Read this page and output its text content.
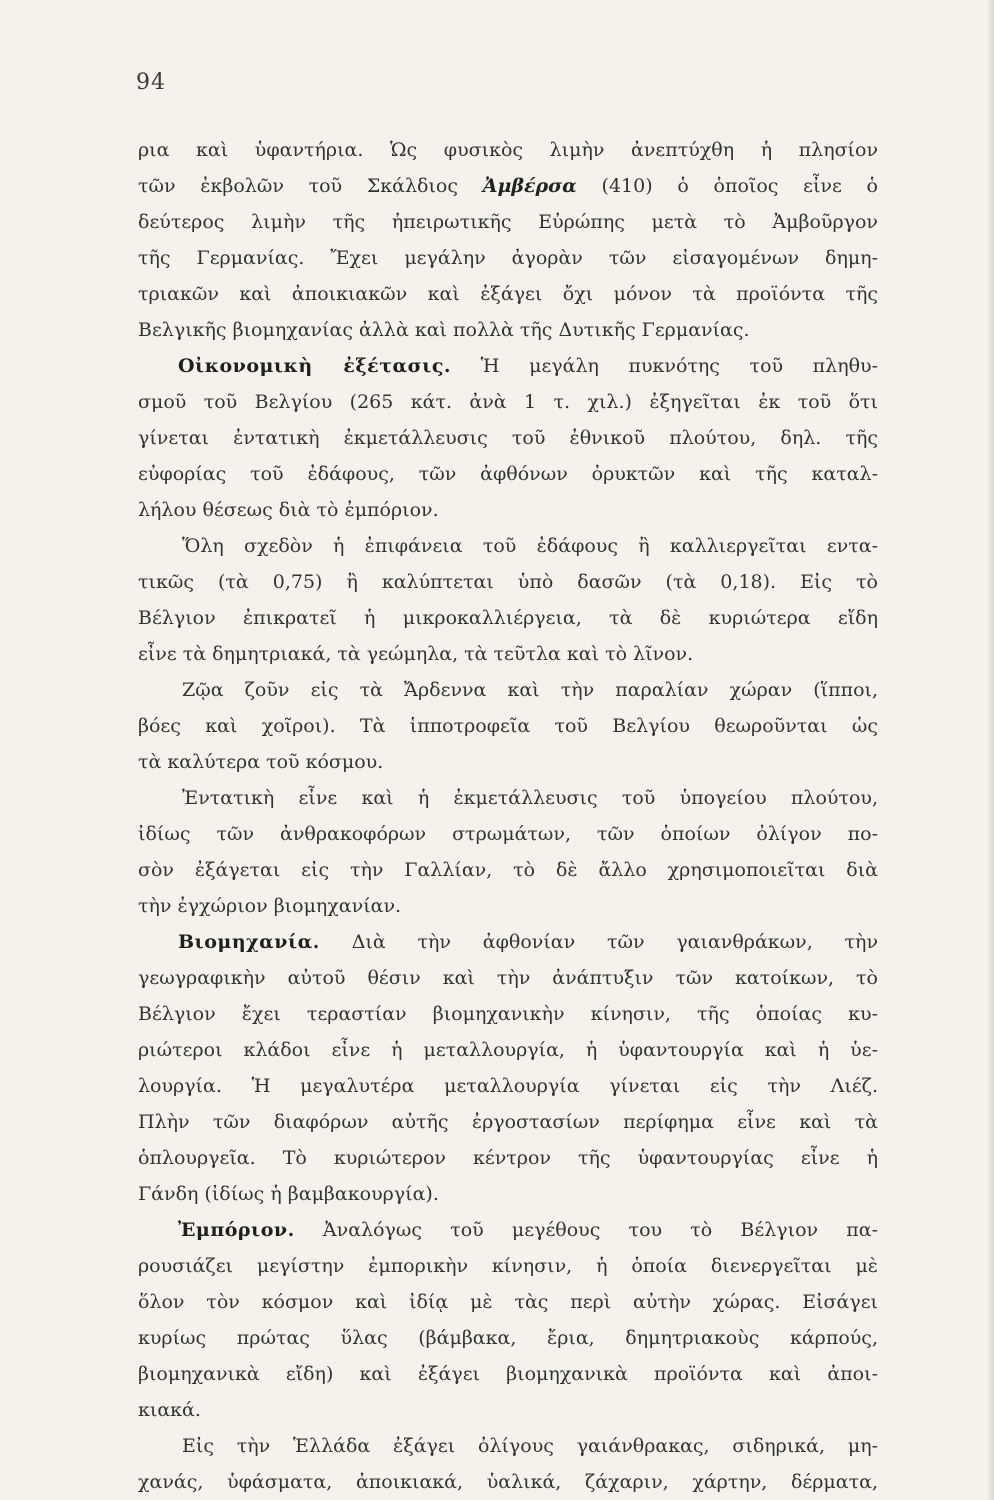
94
ρια καὶ ὑφαντήρια. Ὡς φυσικὸς λιμὴν ἀνεπτύχθη ἡ πλησίον
τῶν ἐκβολῶν τοῦ Σκάλδιος Ἀμβέρσα (410) ὁ ὁποῖος εἶνε ὁ
δεύτερος λιμὴν τῆς ἠπειρωτικῆς Εὐρώπης μετὰ τὸ Ἀμβοῦργον
τῆς Γερμανίας. Ἔχει μεγάλην ἀγορὰν τῶν εἰσαγομένων δημη-
τριακῶν καὶ ἀποικιακῶν καὶ ἐξάγει ὄχι μόνον τὰ προϊόντα τῆς
Βελγικῆς βιομηχανίας ἀλλὰ καὶ πολλὰ τῆς Δυτικῆς Γερμανίας.
Οἰκονομικὴ ἐξέτασις. Ἡ μεγάλη πυκνότης τοῦ πληθυ-
σμοῦ τοῦ Βελγίου (265 κάτ. ἀνὰ 1 τ. χιλ.) ἐξηγεῖται ἐκ τοῦ ὅτι
γίνεται ἐντατικὴ ἐκμετάλλευσις τοῦ ἐθνικοῦ πλούτου, δηλ. τῆς
εὐφορίας τοῦ ἐδάφους, τῶν ἀφθόνων ὀρυκτῶν καὶ τῆς καταλ-
λήλου θέσεως διὰ τὸ ἐμπόριον.
Ὅλη σχεδὸν ἡ ἐπιφάνεια τοῦ ἐδάφους ἢ καλλιεργεῖται εντα-
τικῶς (τὰ 0,75) ἢ καλύπτεται ὑπὸ δασῶν (τὰ 0,18). Εἰς τὸ
Βέλγιον ἐπικρατεῖ ἡ μικροκαλλιέργεια, τὰ δὲ κυριώτερα εἴδη
εἶνε τὰ δημητριακά, τὰ γεώμηλα, τὰ τεῦτλα καὶ τὸ λῖνον.
Ζῷα ζοῦν εἰς τὰ Ἄρδεννα καὶ τὴν παραλίαν χώραν (ἵπποι,
βόες καὶ χοῖροι). Τὰ ἱπποτροφεῖα τοῦ Βελγίου θεωροῦνται ὡς
τὰ καλύτερα τοῦ κόσμου.
Ἐντατικὴ εἶνε καὶ ἡ ἐκμετάλλευσις τοῦ ὑπογείου πλούτου,
ἰδίως τῶν ἀνθρακοφόρων στρωμάτων, τῶν ὁποίων ὀλίγον πο-
σὸν ἐξάγεται εἰς τὴν Γαλλίαν, τὸ δὲ ἄλλο χρησιμοποιεῖται διὰ
τὴν ἐγχώριον βιομηχανίαν.
Βιομηχανία. Διὰ τὴν ἀφθονίαν τῶν γαιανθράκων, τὴν
γεωγραφικὴν αὐτοῦ θέσιν καὶ τὴν ἀνάπτυξιν τῶν κατοίκων, τὸ
Βέλγιον ἔχει τεραστίαν βιομηχανικὴν κίνησιν, τῆς ὁποίας κυ-
ριώτεροι κλάδοι εἶνε ἡ μεταλλουργία, ἡ ὑφαντουργία καὶ ἡ ὑε-
λουργία. Ἡ μεγαλυτέρα μεταλλουργία γίνεται εἰς τὴν Λιέζ.
Πλὴν τῶν διαφόρων αὐτῆς ἐργοστασίων περίφημα εἶνε καὶ τὰ
ὁπλουργεῖα. Τὸ κυριώτερον κέντρον τῆς ὑφαντουργίας εἶνε ἡ
Γάνδη (ἰδίως ἡ βαμβακουργία).
Ἐμπόριον. Ἀναλόγως τοῦ μεγέθους του τὸ Βέλγιον πα-
ρουσιάζει μεγίστην ἐμπορικὴν κίνησιν, ἡ ὁποία διενεργεῖται μὲ
ὅλον τὸν κόσμον καὶ ἰδίᾳ μὲ τὰς περὶ αὐτὴν χώρας. Εἰσάγει
κυρίως πρώτας ὕλας (βάμβακα, ἔρια, δημητριακοὺς κάρπούς,
βιομηχανικὰ εἴδη) καὶ ἐξάγει βιομηχανικὰ προϊόντα καὶ ἀποι-
κιακά.
Εἰς τὴν Ἑλλάδα ἐξάγει ὀλίγους γαιάνθρακας, σιδηρικά, μη-
χανάς, ὑφάσματα, ἀποικιακά, ὑαλικά, ζάχαριν, χάρτην, δέρματα,
